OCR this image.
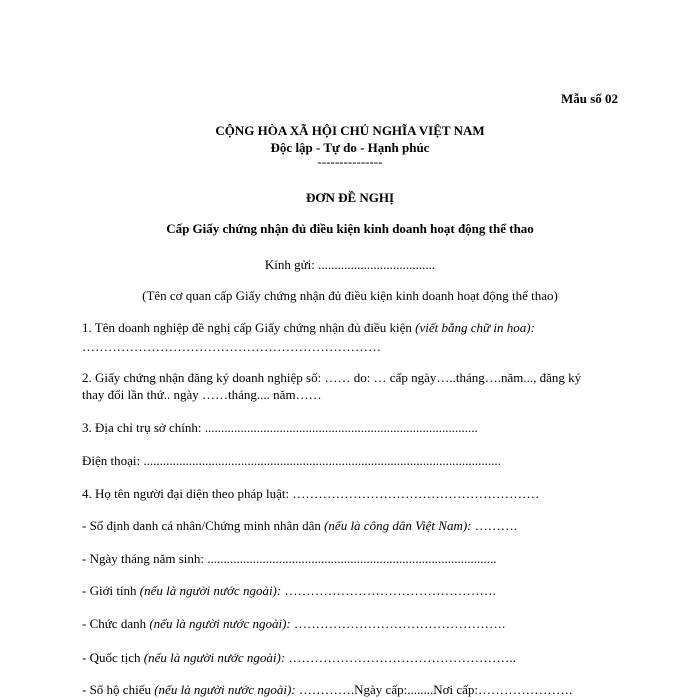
Mẫu số 02
CỘNG HÒA XÃ HỘI CHỦ NGHĨA VIỆT NAM
Độc lập - Tự do - Hạnh phúc
---------------
ĐƠN ĐỀ NGHỊ
Cấp Giấy chứng nhận đủ điều kiện kinh doanh hoạt động thể thao
Kính gửi: ....................................
(Tên cơ quan cấp Giấy chứng nhận đủ điều kiện kinh doanh hoạt động thể thao)
1. Tên doanh nghiệp đề nghị cấp Giấy chứng nhận đủ điều kiện (viết bằng chữ in hoa):
……………………………………………………………
2. Giấy chứng nhận đăng ký doanh nghiệp số: …… do: … cấp ngày…..tháng….năm..., đăng ký
thay đổi lần thứ.. ngày ……tháng.... năm……
3. Địa chỉ trụ sở chính: ....................................................................................
Điện thoại: ..............................................................................................................
4. Họ tên người đại diện theo pháp luật: …………………………………………………
- Số định danh cá nhân/Chứng minh nhân dân (nếu là công dân Việt Nam): ……….
- Ngày tháng năm sinh: .........................................................................................
- Giới tính (nếu là người nước ngoài): ………………………………………….
- Chức danh (nếu là người nước ngoài): ………………………………………….
- Quốc tịch (nếu là người nước ngoài): ……………………………………………..
- Số hộ chiếu (nếu là người nước ngoài): ………….Ngày cấp:........Nơi cấp:………………….
